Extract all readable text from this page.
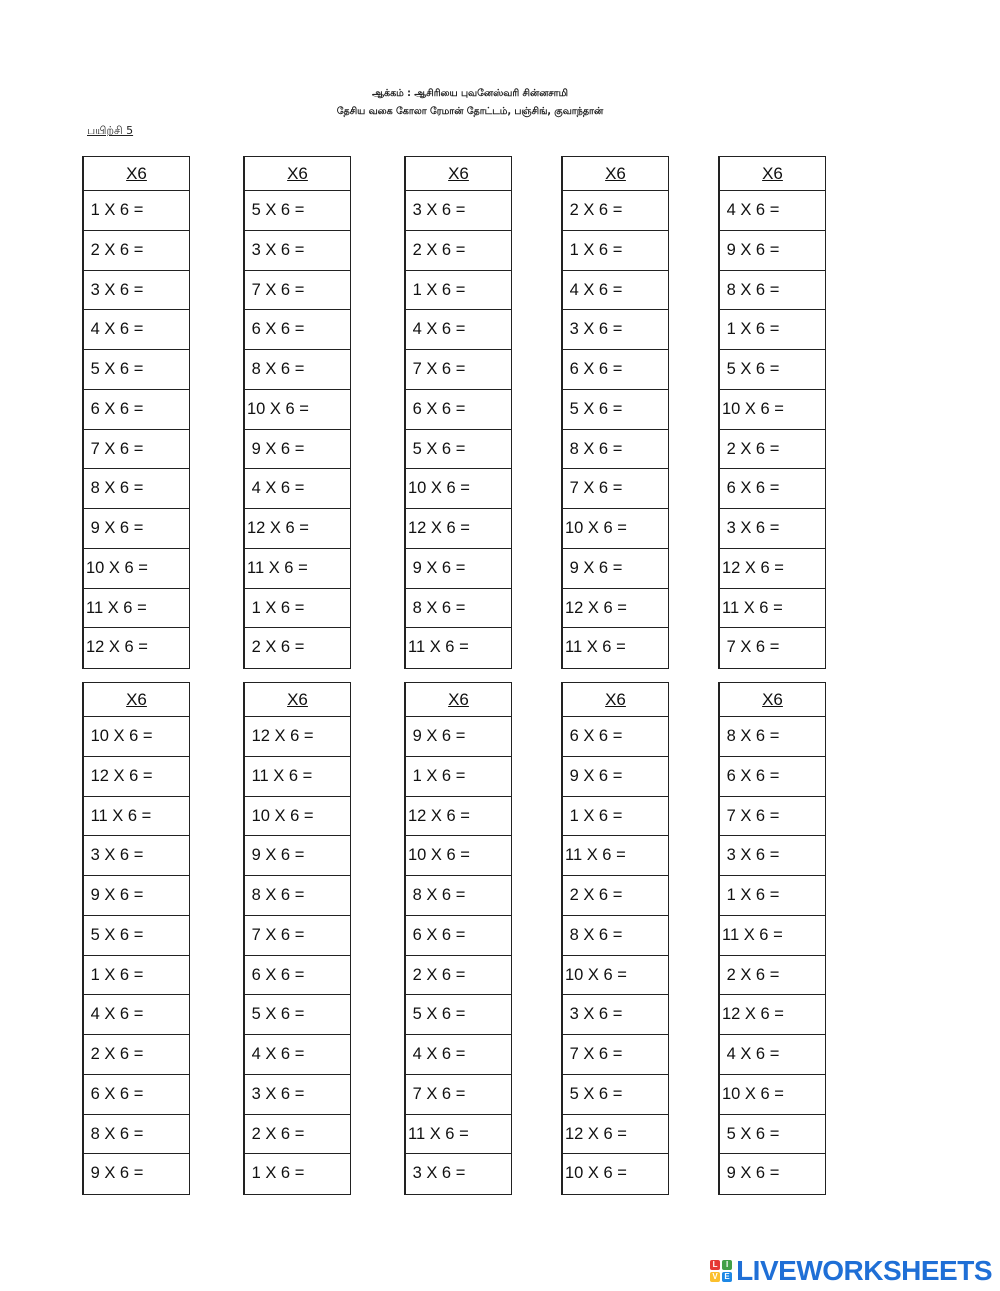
ஆக்கம் : ஆசிரியை புவனேஸ்வரி சின்னசாமி
தேசிய வகை கோலா ரேமான் தோட்டம், பஞ்சிங், குவாந்தான்
பயிற்சி 5
X6
1 X 6 =
2 X 6 =
3 X 6 =
4 X 6 =
5 X 6 =
6 X 6 =
7 X 6 =
8 X 6 =
9 X 6 =
10 X 6 =
11 X 6 =
12 X 6 =
X6
5 X 6 =
3 X 6 =
7 X 6 =
6 X 6 =
8 X 6 =
10 X 6 =
9 X 6 =
4 X 6 =
12 X 6 =
11 X 6 =
1 X 6 =
2 X 6 =
X6
3 X 6 =
2 X 6 =
1 X 6 =
4 X 6 =
7 X 6 =
6 X 6 =
5 X 6 =
10 X 6 =
12 X 6 =
9 X 6 =
8 X 6 =
11 X 6 =
X6
2 X 6 =
1 X 6 =
4 X 6 =
3 X 6 =
6 X 6 =
5 X 6 =
8 X 6 =
7 X 6 =
10 X 6 =
9 X 6 =
12 X 6 =
11 X 6 =
X6
4 X 6 =
9 X 6 =
8 X 6 =
1 X 6 =
5 X 6 =
10 X 6 =
2 X 6 =
6 X 6 =
3 X 6 =
12 X 6 =
11 X 6 =
7 X 6 =
X6
10 X 6 =
12 X 6 =
11 X 6 =
3 X 6 =
9 X 6 =
5 X 6 =
1 X 6 =
4 X 6 =
2 X 6 =
6 X 6 =
8 X 6 =
9 X 6 =
X6
12 X 6 =
11 X 6 =
10 X 6 =
9 X 6 =
8 X 6 =
7 X 6 =
6 X 6 =
5 X 6 =
4 X 6 =
3 X 6 =
2 X 6 =
1 X 6 =
X6
9 X 6 =
1 X 6 =
12 X 6 =
10 X 6 =
8 X 6 =
6 X 6 =
2 X 6 =
5 X 6 =
4 X 6 =
7 X 6 =
11 X 6 =
3 X 6 =
X6
6 X 6 =
9 X 6 =
1 X 6 =
11 X 6 =
2 X 6 =
8 X 6 =
10 X 6 =
3 X 6 =
7 X 6 =
5 X 6 =
12 X 6 =
10 X 6 =
X6
8 X 6 =
6 X 6 =
7 X 6 =
3 X 6 =
1 X 6 =
11 X 6 =
2 X 6 =
12 X 6 =
4 X 6 =
10 X 6 =
5 X 6 =
9 X 6 =
L	I
V E LIVEWORKSHEETS
